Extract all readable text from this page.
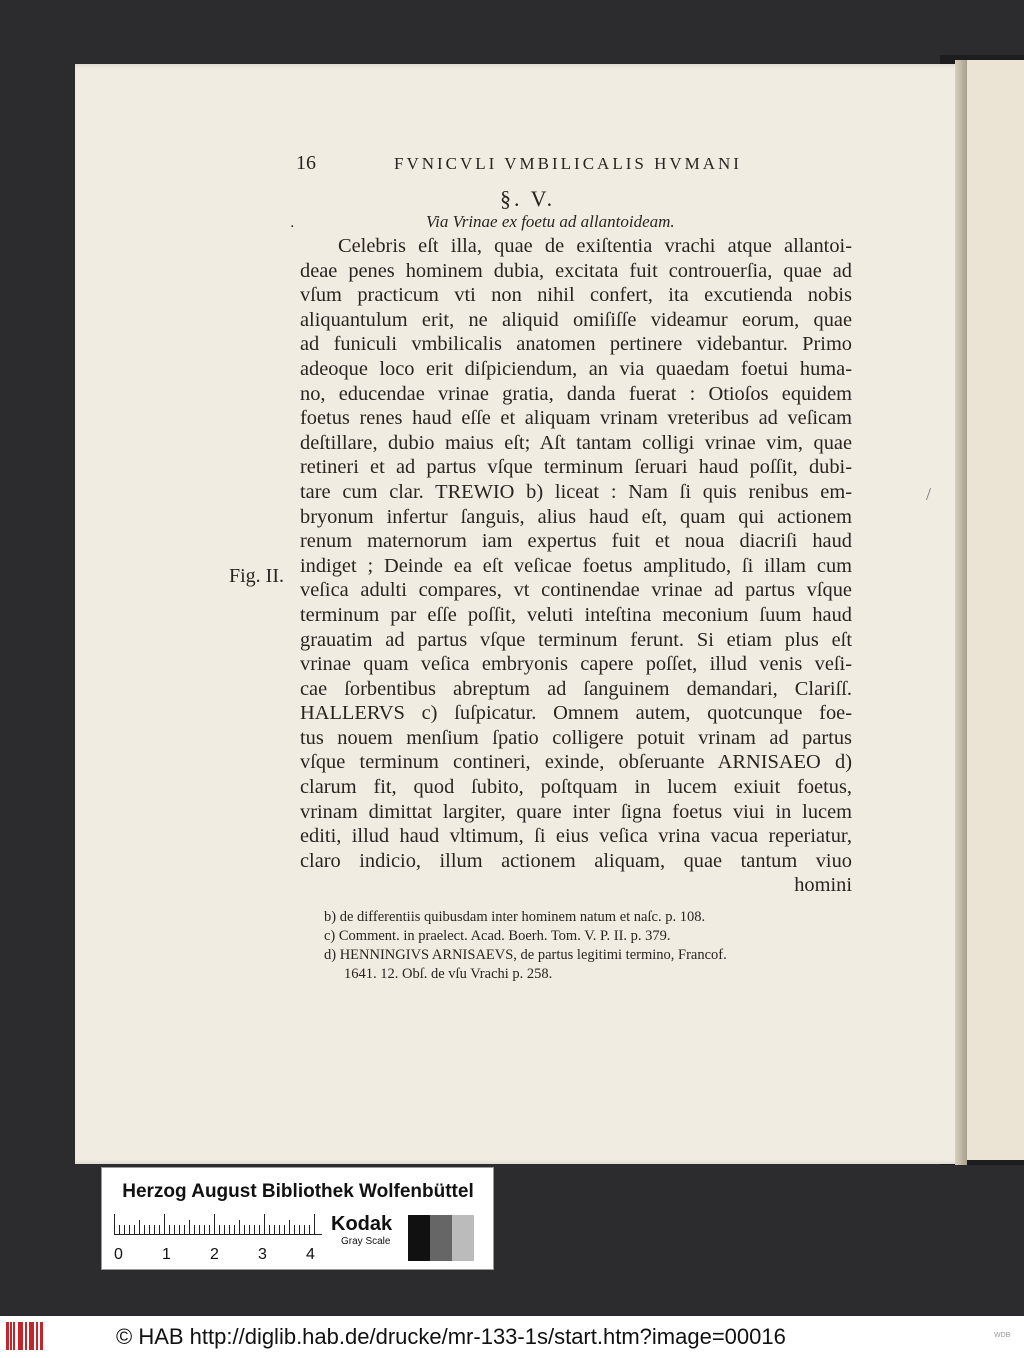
16	FVNICVLI VMBILICALIS HVMANI
§. V.
·	Via Vrinae ex foetu ad allantoideam.
Fig. II.
/
Celebris eſt illa, quae de exiſtentia vrachi atque allantoi-
deae penes hominem dubia, excitata fuit controuerſia, quae ad
vſum practicum vti non nihil confert, ita excutienda nobis
aliquantulum erit, ne aliquid omiſiſſe videamur eorum, quae
ad funiculi vmbilicalis anatomen pertinere videbantur. Primo
adeoque loco erit diſpiciendum, an via quaedam foetui huma-
no, educendae vrinae gratia, danda fuerat : Otioſos equidem
foetus renes haud eſſe et aliquam vrinam vreteribus ad veſicam
deſtillare, dubio maius eſt; Aſt tantam colligi vrinae vim, quae
retineri et ad partus vſque terminum ſeruari haud poſſit, dubi-
tare cum clar. TREWIO b) liceat : Nam ſi quis renibus em-
bryonum infertur ſanguis, alius haud eſt, quam qui actionem
renum maternorum iam expertus fuit et noua diacriſi haud
indiget ; Deinde ea eſt veſicae foetus amplitudo, ſi illam cum
veſica adulti compares, vt continendae vrinae ad partus vſque
terminum par eſſe poſſit, veluti inteſtina meconium ſuum haud
grauatim ad partus vſque terminum ferunt. Si etiam plus eſt
vrinae quam veſica embryonis capere poſſet, illud venis veſi-
cae ſorbentibus abreptum ad ſanguinem demandari, Clariſſ.
HALLERVS c) ſuſpicatur. Omnem autem, quotcunque foe-
tus nouem menſium ſpatio colligere potuit vrinam ad partus
vſque terminum contineri, exinde, obſeruante ARNISAEO d)
clarum fit, quod ſubito, poſtquam in lucem exiuit foetus,
vrinam dimittat largiter, quare inter ſigna foetus viui in lucem
editi, illud haud vltimum, ſi eius veſica vrina vacua reperiatur,
claro indicio, illum actionem aliquam, quae tantum viuo
homini
b) de differentiis quibusdam inter hominem natum et naſc. p. 108.
c) Comment. in praelect. Acad. Boerh. Tom. V. P. II. p. 379.
d) HENNINGIVS ARNISAEVS, de partus legitimi termino, Francof.
1641. 12. Obſ. de vſu Vrachi p. 258.
Herzog August Bibliothek Wolfenbüttel
0 1 2 3 4
Kodak
Gray Scale
© HAB http://diglib.hab.de/drucke/mr-133-1s/start.htm?image=00016	WDB
